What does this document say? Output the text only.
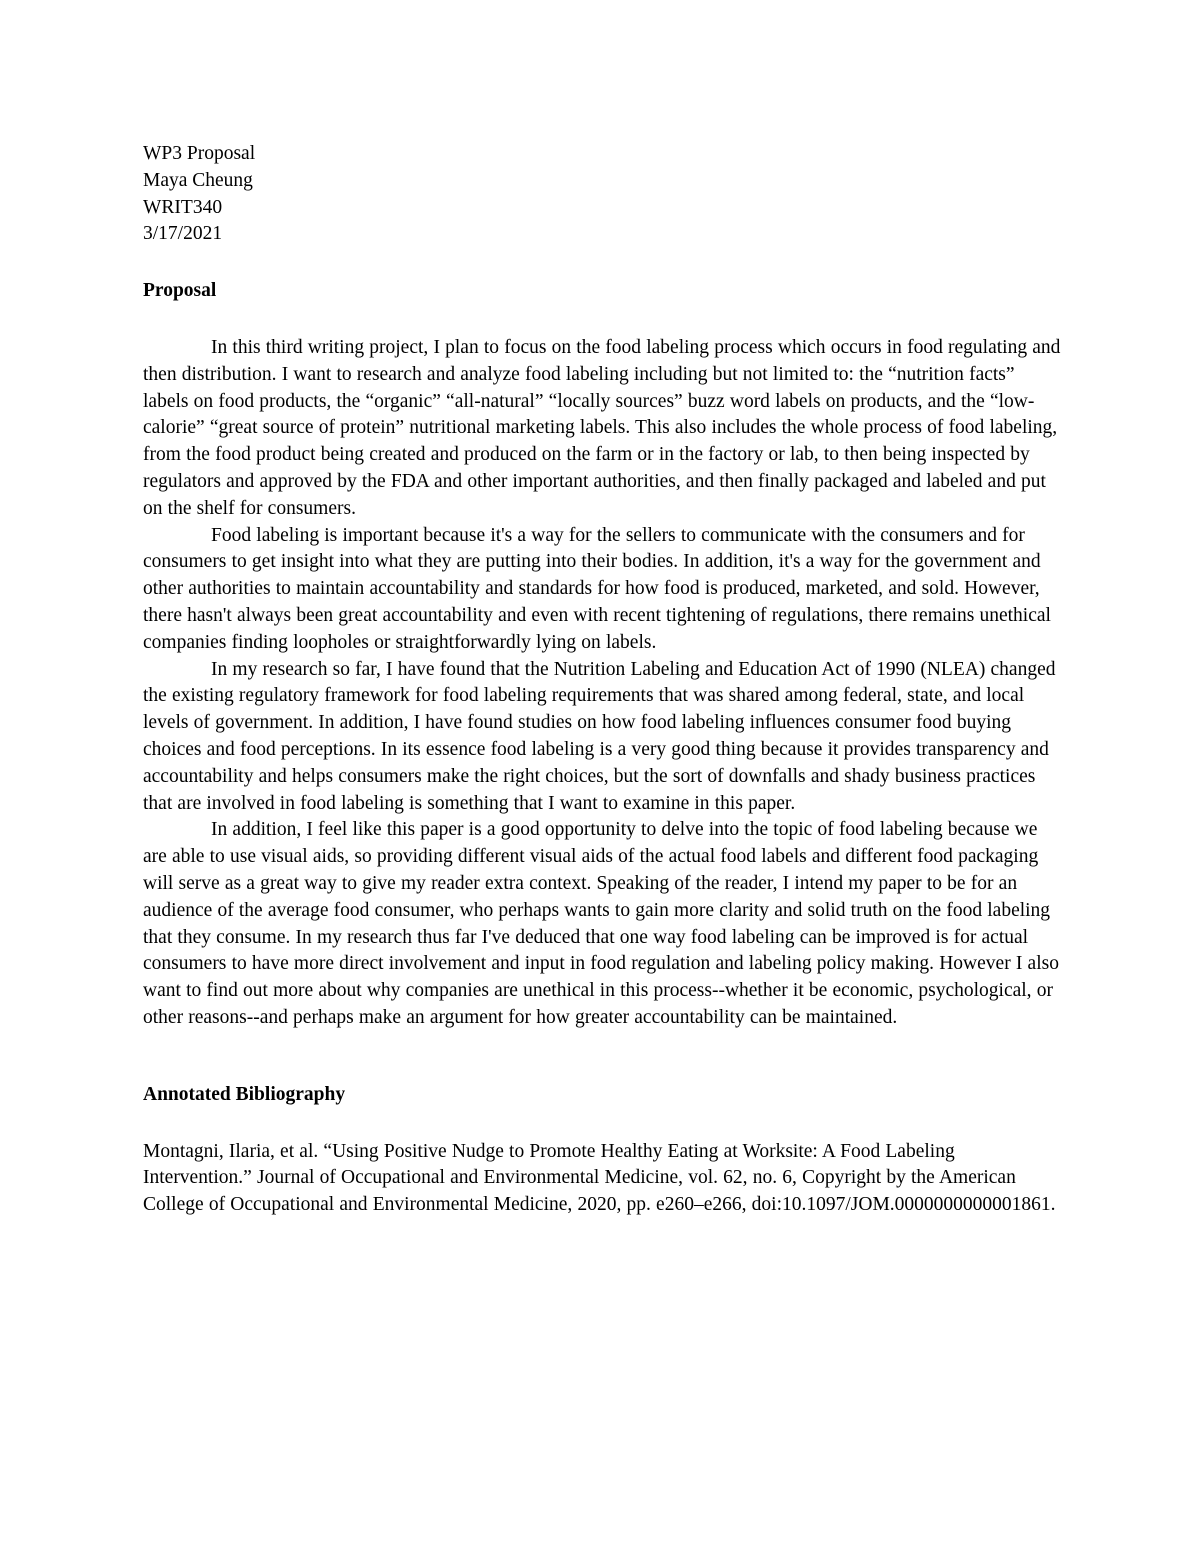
WP3 Proposal

Maya Cheung

WRIT340

3/17/2021

Proposal

In this third writing project, I plan to focus on the food labeling process which occurs in food regulating and then distribution. I want to research and analyze food labeling including but not limited to: the “nutrition facts” labels on food products, the “organic” “all-natural” “locally sources” buzz word labels on products, and the “low-calorie” “great source of protein” nutritional marketing labels. This also includes the whole process of food labeling, from the food product being created and produced on the farm or in the factory or lab, to then being inspected by regulators and approved by the FDA and other important authorities, and then finally packaged and labeled and put on the shelf for consumers.

Food labeling is important because it's a way for the sellers to communicate with the consumers and for consumers to get insight into what they are putting into their bodies. In addition, it's a way for the government and other authorities to maintain accountability and standards for how food is produced, marketed, and sold. However, there hasn't always been great accountability and even with recent tightening of regulations, there remains unethical companies finding loopholes or straightforwardly lying on labels.

In my research so far, I have found that the Nutrition Labeling and Education Act of 1990 (NLEA) changed the existing regulatory framework for food labeling requirements that was shared among federal, state, and local levels of government. In addition, I have found studies on how food labeling influences consumer food buying choices and food perceptions. In its essence food labeling is a very good thing because it provides transparency and accountability and helps consumers make the right choices, but the sort of downfalls and shady business practices that are involved in food labeling is something that I want to examine in this paper.

In addition, I feel like this paper is a good opportunity to delve into the topic of food labeling because we are able to use visual aids, so providing different visual aids of the actual food labels and different food packaging will serve as a great way to give my reader extra context. Speaking of the reader, I intend my paper to be for an audience of the average food consumer, who perhaps wants to gain more clarity and solid truth on the food labeling that they consume. In my research thus far I've deduced that one way food labeling can be improved is for actual consumers to have more direct involvement and input in food regulation and labeling policy making. However I also want to find out more about why companies are unethical in this process--whether it be economic, psychological, or other reasons--and perhaps make an argument for how greater accountability can be maintained.

Annotated Bibliography

Montagni, Ilaria, et al. “Using Positive Nudge to Promote Healthy Eating at Worksite: A Food Labeling Intervention.” Journal of Occupational and Environmental Medicine, vol. 62, no. 6, Copyright by the American College of Occupational and Environmental Medicine, 2020, pp. e260–e266, doi:10.1097/JOM.0000000000001861.
